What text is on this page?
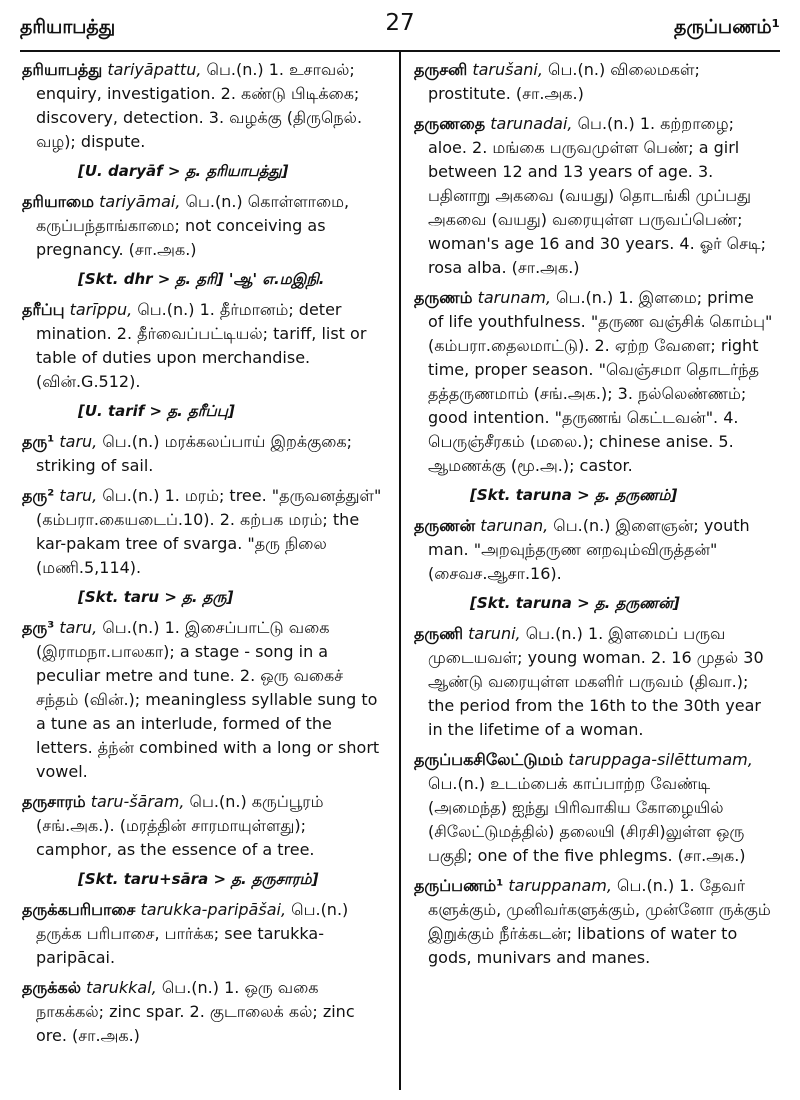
தரியாபத்து	27	தருப்பணம்¹
தரியாபத்து tariyāpattu, பெ.(n.) 1. உசாவல்; enquiry, investigation. 2. கண்டு பிடிக்கை; discovery, detection. 3. வழக்கு (திருநெல். வழ); dispute.
[U. daryāf > த. தரியாபத்து]
தரியாமை tariyāmai, பெ.(n.) கொள்ளாமை, கருப்பந்தாங்காமை; not conceiving as pregnancy. (சா.அக.)
[Skt. dhr > த. தரி] 'ஆ' எ.மஇநி.
தரீப்பு tarīppu, பெ.(n.) 1. தீர்மானம்; deter mination. 2. தீர்வைப்பட்டியல்; tariff, list or table of duties upon merchandise. (வின்.G.512).
[U. tarif > த. தரீப்பு]
தரு¹ taru, பெ.(n.) மரக்கலப்பாய் இறக்குகை; striking of sail.
தரு² taru, பெ.(n.) 1. மரம்; tree. "தருவனத்துள்" (கம்பரா.கையடைப்.10). 2. கற்பக மரம்; the kar-pakam tree of svarga. "தரு நிலை (மணி.5,114).
[Skt. taru > த. தரு]
தரு³ taru, பெ.(n.) 1. இசைப்பாட்டு வகை (இராமநா.பாலகா); a stage - song in a peculiar metre and tune. 2. ஒரு வகைச் சந்தம் (வின்.); meaningless syllable sung to a tune as an interlude, formed of the letters. த்ந்ன் combined with a long or short vowel.
தருசாரம் taru-šāram, பெ.(n.) கருப்பூரம் (சங்.அக.). (மரத்தின் சாரமாயுள்ளது); camphor, as the essence of a tree.
[Skt. taru+sāra > த. தருசாரம்]
தருக்கபரிபாசை tarukka-paripāšai, பெ.(n.) தருக்க பரிபாசை, பார்க்க; see tarukka-paripācai.
தருக்கல் tarukkal, பெ.(n.) 1. ஒரு வகை நாகக்கல்; zinc spar. 2. குடாலைக் கல்; zinc ore. (சா.அக.)
தருசனி tarušani, பெ.(n.) விலைமகள்; prostitute. (சா.அக.)
தருணதை tarunadai, பெ.(n.) 1. கற்றாழை; aloe. 2. மங்கை பருவமுள்ள பெண்; a girl between 12 and 13 years of age. 3. பதினாறு அகவை (வயது) தொடங்கி முப்பது அகவை (வயது) வரையுள்ள பருவப்பெண்; woman's age 16 and 30 years. 4. ஓர் செடி; rosa alba. (சா.அக.)
தருணம் tarunam, பெ.(n.) 1. இளமை; prime of life youthfulness. "தருண வஞ்சிக் கொம்பு" (கம்பரா.தைலமாட்டு). 2. ஏற்ற வேளை; right time, proper season. "வெஞ்சமா தொடர்ந்த தத்தருணமாம் (சங்.அக.); 3. நல்லெண்ணம்; good intention. "தருணங் கெட்டவன்". 4. பெருஞ்சீரகம் (மலை.); chinese anise. 5. ஆமணக்கு (மூ.அ.); castor.
[Skt. taruna > த. தருணம்]
தருணன் tarunan, பெ.(n.) இளைஞன்; youth man. "அறவுந்தருண னறவும்விருத்தன்" (சைவச.ஆசா.16).
[Skt. taruna > த. தருணன்]
தருணி taruni, பெ.(n.) 1. இளமைப் பருவ முடையவள்; young woman. 2. 16 முதல் 30 ஆண்டு வரையுள்ள மகளிர் பருவம் (திவா.); the period from the 16th to the 30th year in the lifetime of a woman.
தருப்பகசிலேட்டுமம் taruppaga-silēttumam, பெ.(n.) உடம்பைக் காப்பாற்ற வேண்டி (அமைந்த) ஐந்து பிரிவாகிய கோழையில் (சிலேட்டுமத்தில்) தலையி (சிரசி)லுள்ள ஒரு பகுதி; one of the five phlegms. (சா.அக.)
தருப்பணம்¹ taruppanam, பெ.(n.) 1. தேவர் களுக்கும், முனிவர்களுக்கும், முன்னோ ருக்கும் இறுக்கும் நீர்க்கடன்; libations of water to gods, munivars and manes.
